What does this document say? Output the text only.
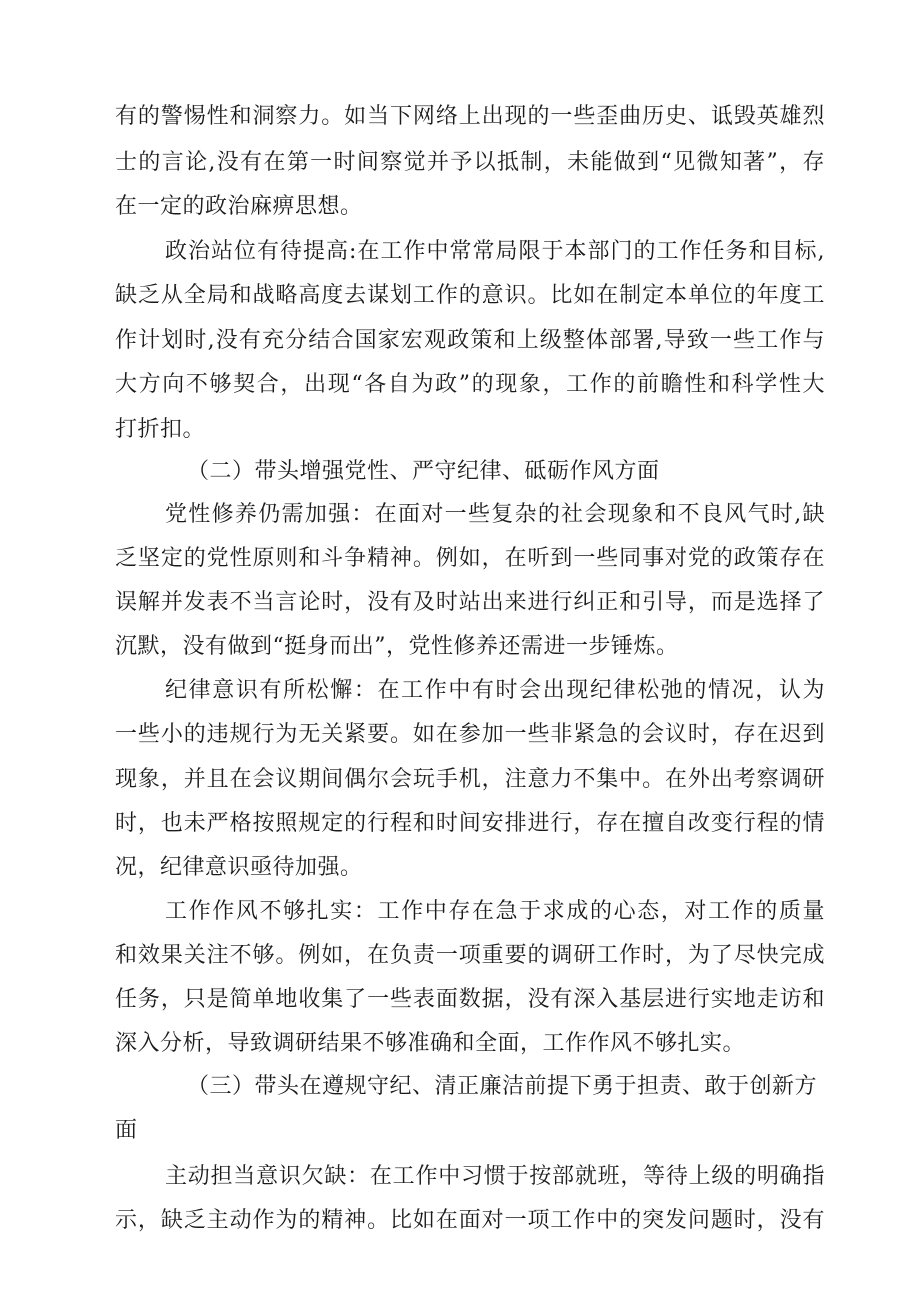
有的警惕性和洞察力。如当下网络上出现的一些歪曲历史、诋毁英雄烈
士的言论,没有在第一时间察觉并予以抵制，未能做到“见微知著”，存
在一定的政治麻痹思想。
政治站位有待提高:在工作中常常局限于本部门的工作任务和目标,
缺乏从全局和战略高度去谋划工作的意识。比如在制定本单位的年度工
作计划时,没有充分结合国家宏观政策和上级整体部署,导致一些工作与
大方向不够契合，出现“各自为政”的现象，工作的前瞻性和科学性大
打折扣。
（二）带头增强党性、严守纪律、砥砺作风方面
党性修养仍需加强：在面对一些复杂的社会现象和不良风气时,缺
乏坚定的党性原则和斗争精神。例如，在听到一些同事对党的政策存在
误解并发表不当言论时，没有及时站出来进行纠正和引导，而是选择了
沉默，没有做到“挺身而出”，党性修养还需进一步锤炼。
纪律意识有所松懈：在工作中有时会出现纪律松弛的情况，认为
一些小的违规行为无关紧要。如在参加一些非紧急的会议时，存在迟到
现象，并且在会议期间偶尔会玩手机，注意力不集中。在外出考察调研
时，也未严格按照规定的行程和时间安排进行，存在擅自改变行程的情
况，纪律意识亟待加强。
工作作风不够扎实：工作中存在急于求成的心态，对工作的质量
和效果关注不够。例如，在负责一项重要的调研工作时，为了尽快完成
任务，只是简单地收集了一些表面数据，没有深入基层进行实地走访和
深入分析，导致调研结果不够准确和全面，工作作风不够扎实。
（三）带头在遵规守纪、清正廉洁前提下勇于担责、敢于创新方
面
主动担当意识欠缺：在工作中习惯于按部就班，等待上级的明确指
示，缺乏主动作为的精神。比如在面对一项工作中的突发问题时，没有
